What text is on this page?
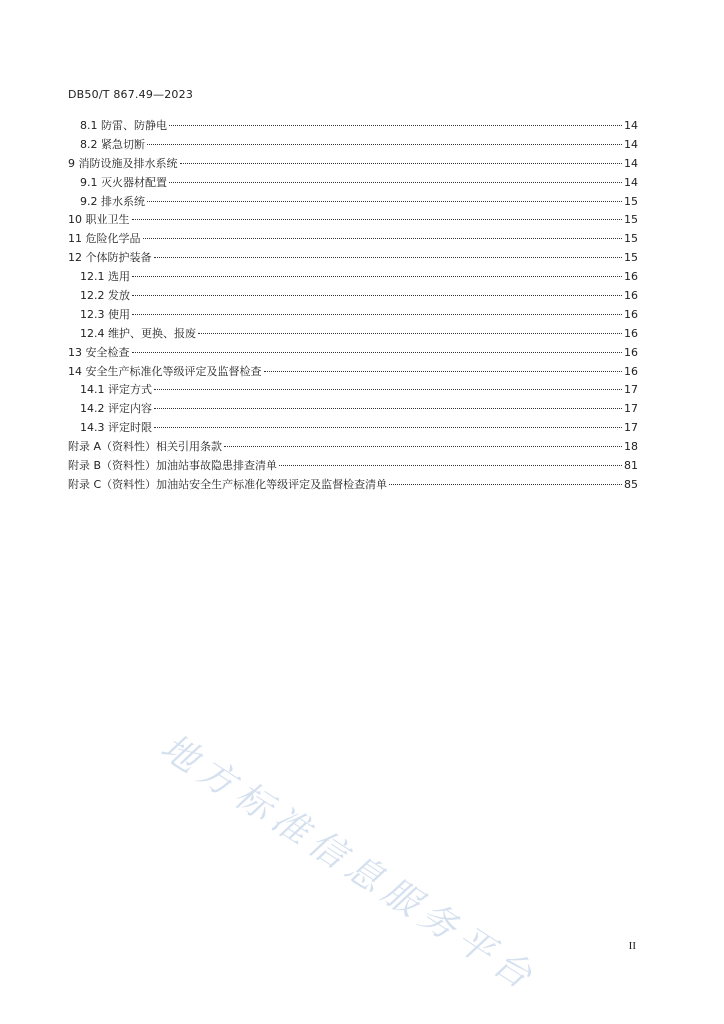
DB50/T 867.49—2023
8.1 防雷、防静电	14
8.2 紧急切断	14
9 消防设施及排水系统	14
9.1 灭火器材配置	14
9.2 排水系统	15
10 职业卫生	15
11 危险化学品	15
12 个体防护装备	15
12.1 选用	16
12.2 发放	16
12.3 使用	16
12.4 维护、更换、报废	16
13 安全检查	16
14 安全生产标准化等级评定及监督检查	16
14.1 评定方式	17
14.2 评定内容	17
14.3 评定时限	17
附录 A（资料性）相关引用条款	18
附录 B（资料性）加油站事故隐患排查清单	81
附录 C（资料性）加油站安全生产标准化等级评定及监督检查清单	85
地方标准信息服务平台	II
